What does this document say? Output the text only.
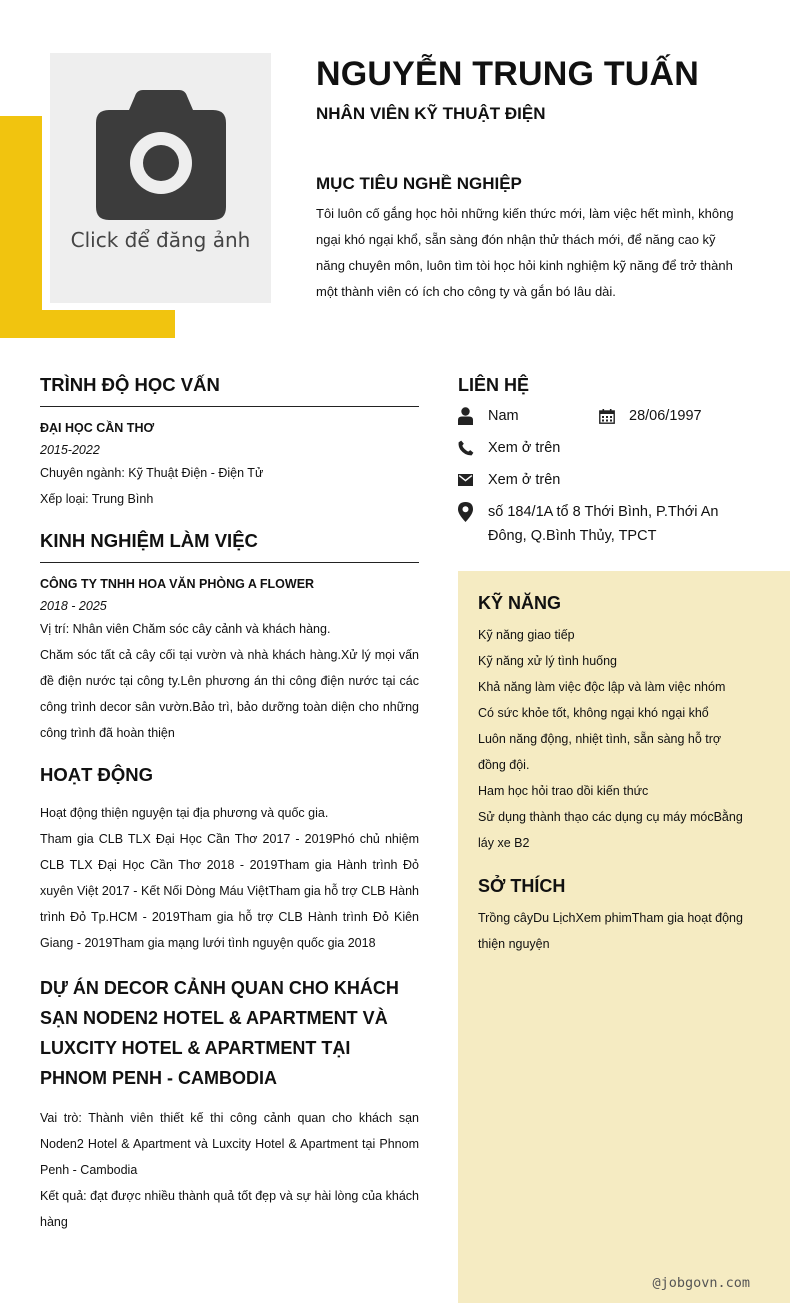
Click để đăng ảnh
NGUYỄN TRUNG TUẤN
NHÂN VIÊN KỸ THUẬT ĐIỆN
MỤC TIÊU NGHỀ NGHIỆP
Tôi luôn cố gắng học hỏi những kiến thức mới, làm việc hết mình, không ngại khó ngại khổ, sẵn sàng đón nhận thử thách mới, để năng cao kỹ năng chuyên môn, luôn tìm tòi học hỏi kinh nghiệm kỹ năng để trở thành một thành viên có ích cho công ty và gắn bó lâu dài.
TRÌNH ĐỘ HỌC VẤN
ĐẠI HỌC CẦN THƠ
2015-2022
Chuyên ngành: Kỹ Thuật Điện - Điện Tử
Xếp loại: Trung Bình
KINH NGHIỆM LÀM VIỆC
CÔNG TY TNHH HOA VĂN PHÒNG A FLOWER
2018 - 2025
Vị trí: Nhân viên Chăm sóc cây cảnh và khách hàng.
Chăm sóc tất cả cây cối tại vườn và nhà khách hàng.Xử lý mọi vấn đề điện nước tại công ty.Lên phương án thi công điện nước tại các công trình decor sân vườn.Bảo trì, bảo dưỡng toàn diện cho những công trình đã hoàn thiện
HOẠT ĐỘNG
Hoạt động thiện nguyện tại địa phương và quốc gia.
Tham gia CLB TLX Đại Học Cần Thơ 2017 - 2019Phó chủ nhiệm CLB TLX Đại Học Cần Thơ 2018 - 2019Tham gia Hành trình Đỏ xuyên Việt 2017 - Kết Nối Dòng Máu ViệtTham gia hỗ trợ CLB Hành trình Đỏ Tp.HCM - 2019Tham gia hỗ trợ CLB Hành trình Đỏ Kiên Giang - 2019Tham gia mạng lưới tình nguyện quốc gia 2018
DỰ ÁN DECOR CẢNH QUAN CHO KHÁCH SẠN NODEN2 HOTEL & APARTMENT VÀ LUXCITY HOTEL & APARTMENT TẠI PHNOM PENH - CAMBODIA
Vai trò: Thành viên thiết kế thi công cảnh quan cho khách sạn Noden2 Hotel & Apartment và Luxcity Hotel & Apartment tại Phnom Penh - Cambodia
Kết quả: đạt được nhiều thành quả tốt đẹp và sự hài lòng của khách hàng
LIÊN HỆ
Nam	28/06/1997
Xem ở trên
Xem ở trên
số 184/1A tổ 8 Thới Bình, P.Thới An Đông, Q.Bình Thủy, TPCT
KỸ NĂNG
Kỹ năng giao tiếp
Kỹ năng xử lý tình huống
Khả năng làm việc độc lập và làm việc nhóm
Có sức khỏe tốt, không ngại khó ngại khổ
Luôn năng động, nhiệt tình, sẵn sàng hỗ trợ đồng đội.
Ham học hỏi trao dồi kiến thức
Sử dụng thành thạo các dụng cụ máy mócBằng láy xe B2
SỞ THÍCH
Trồng câyDu LịchXem phimTham gia hoạt động thiện nguyện
@jobgovn.com
